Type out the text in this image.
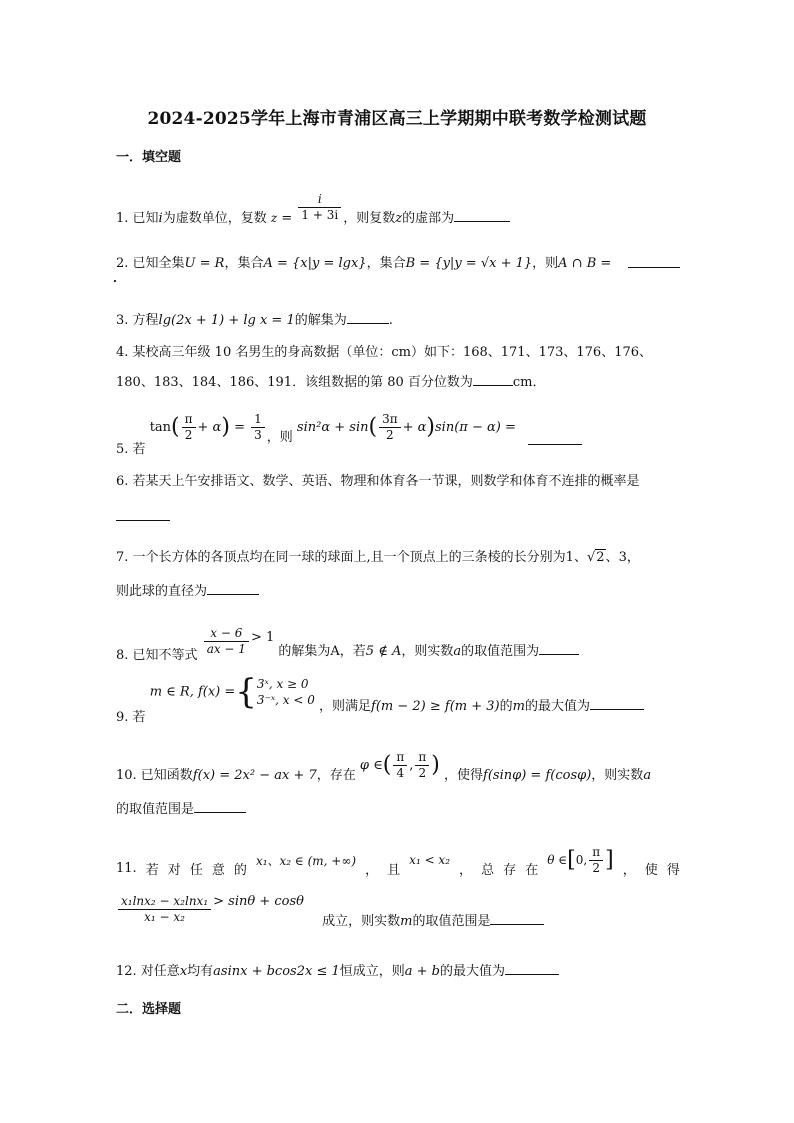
2024-2025学年上海市青浦区高三上学期期中联考数学检测试题
一．填空题
1. 已知i为虚数单位，复数 $z = \frac{i}{1 + 3i}$ ，则复数z的虚部为
2. 已知全集U = R，集合A = {x|y = lgx}，集合B = {y|y = √x + 1}，则A ∩ B =
3. 方程lg(2x + 1) + lg x = 1的解集为	.
4. 某校高三年级 10 名男生的身高数据（单位：cm）如下：168、171、173、176、176、
180、183、184、186、191．该组数据的第 80 百分位数为	cm．
5. 若 $\tan( \frac{\pi}{2} + \alpha) = \frac{1}{3}$ ，则 $\sin^2\alpha + \sin( \frac{3\pi}{2} + \alpha)\sin(\pi - \alpha)$ =
6. 若某天上午安排语文、数学、英语、物理和体育各一节课，则数学和体育不连排的概率是
7. 一个长方体的各顶点均在同一球的球面上,且一个顶点上的三条棱的长分别为1、√2、3，
则此球的直径为
8. 已知不等式 $\frac{x - 6}{ax - 1} > 1$ 的解集为A，若5 ∉ A，则实数a的取值范围为
9. 若 m ∈ R, f(x) ={ 3ˣ, x ≥ 0
3⁻ˣ, x < 0 ，则满足f(m − 2) ≥ f(m + 3)的m的最大值为
10. 已知函数f(x) = 2x² − ax + 7，存在 φ ∈( $\frac{\pi}{4}$ , $\frac{\pi}{2}$ ) ，使得f(sinφ) = f(cosφ)，则实数a
的取值范围是
11. 若 对 任 意 的
x₁、x₂ ∈ (m, +∞)
， 且
x₁ < x₂
， 总 存 在
θ ∈[0, $\frac{\pi}{2}$ ] ， 使 得
$\frac{\text{x₁lnx₂ − x₂lnx₁}}{\text{x₁ − x₂}} > \sin\theta + \cos\theta$ 成立，则实数m的取值范围是
12. 对任意x均有asinx + bcos2x ≤ 1恒成立，则a + b的最大值为
二．选择题
